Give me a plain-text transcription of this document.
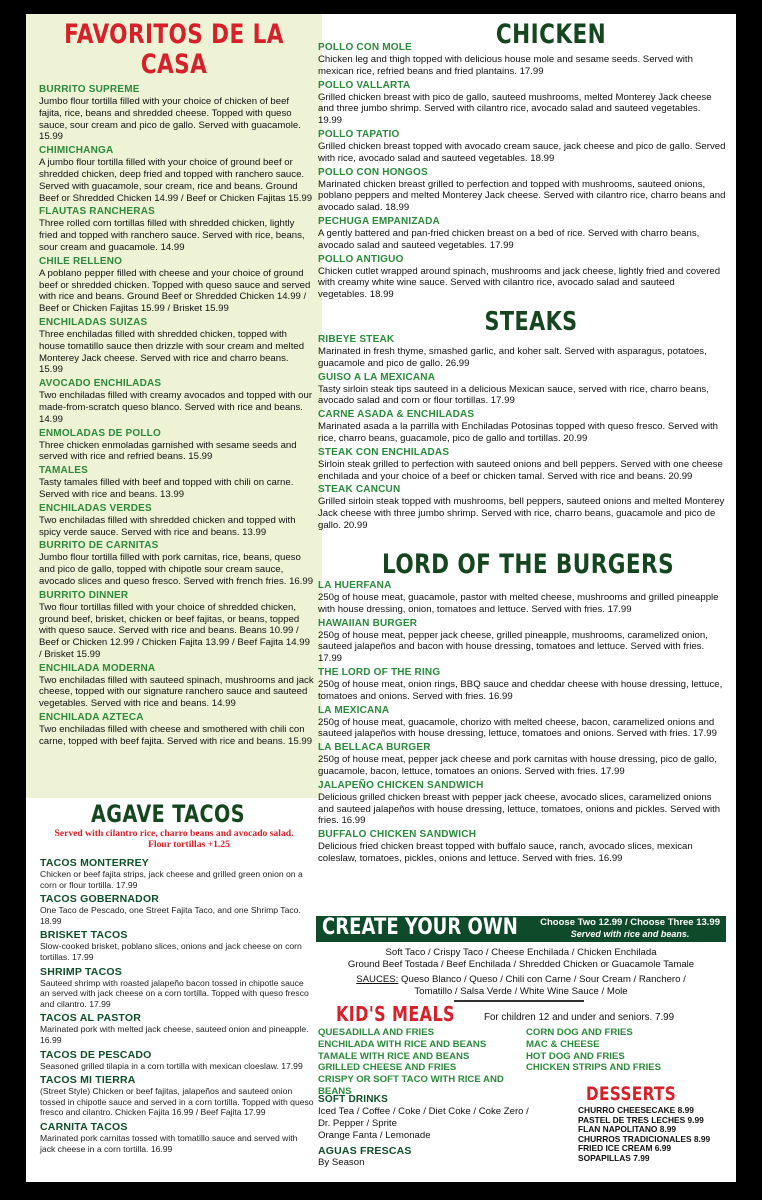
FAVORITOS DE LA CASA
BURRITO SUPREME
Jumbo flour tortilla filled with your choice of chicken of beef fajita, rice, beans and shredded cheese. Topped with queso sauce, sour cream and pico de gallo. Served with guacamole. 15.99
CHIMICHANGA
A jumbo flour tortilla filled with your choice of ground beef or shredded chicken, deep fried and topped with ranchero sauce. Served with guacamole, sour cream, rice and beans. Ground Beef or Shredded Chicken 14.99 / Beef or Chicken Fajitas 15.99
FLAUTAS RANCHERAS
Three rolled corn tortillas filled with shredded chicken, lightly fried and topped with ranchero sauce. Served with rice, beans, sour cream and guacamole. 14.99
CHILE RELLENO
A poblano pepper filled with cheese and your choice of ground beef or shredded chicken. Topped with queso sauce and served with rice and beans. Ground Beef or Shredded Chicken 14.99 / Beef or Chicken Fajitas 15.99 / Brisket 15.99
ENCHILADAS SUIZAS
Three enchiladas filled with shredded chicken, topped with house tomatillo sauce then drizzle with sour cream and melted Monterey Jack cheese. Served with rice and charro beans. 15.99
AVOCADO ENCHILADAS
Two enchiladas filled with creamy avocados and topped with our made-from-scratch queso blanco. Served with rice and beans. 14.99
ENMOLADAS DE POLLO
Three chicken enmoladas garnished with sesame seeds and served with rice and refried beans. 15.99
TAMALES
Tasty tamales filled with beef and topped with chili on carne. Served with rice and beans. 13.99
ENCHILADAS VERDES
Two enchiladas filled with shredded chicken and topped with spicy verde sauce. Served with rice and beans. 13.99
BURRITO DE CARNITAS
Jumbo flour tortilla filled with pork carnitas, rice, beans, queso and pico de gallo, topped with chipotle sour cream sauce, avocado slices and queso fresco. Served with french fries. 16.99
BURRITO DINNER
Two flour tortillas filled with your choice of shredded chicken, ground beef, brisket, chicken or beef fajitas, or beans, topped with queso sauce. Served with rice and beans. Beans 10.99 / Beef or Chicken 12.99 / Chicken Fajita 13.99 / Beef Fajita 14.99 / Brisket 15.99
ENCHILADA MODERNA
Two enchiladas filled with sauteed spinach, mushrooms and jack cheese, topped with our signature ranchero sauce and sauteed vegetables. Served with rice and beans. 14.99
ENCHILADA AZTECA
Two enchiladas filled with cheese and smothered with chili con carne, topped with beef fajita. Served with rice and beans. 15.99
AGAVE TACOS
Served with cilantro rice, charro beans and avocado salad.
Flour tortillas +1.25
TACOS MONTERREY
Chicken or beef fajita strips, jack cheese and grilled green onion on a corn or flour tortilla. 17.99
TACOS GOBERNADOR
One Taco de Pescado, one Street Fajita Taco, and one Shrimp Taco. 18.99
BRISKET TACOS
Slow-cooked brisket, poblano slices, onions and jack cheese on corn tortillas. 17.99
SHRIMP TACOS
Sauteed shrimp with roasted jalapeño bacon tossed in chipotle sauce an served with jack cheese on a corn tortilla. Topped with queso fresco and cilantro. 17.99
TACOS AL PASTOR
Marinated pork with melted jack cheese, sauteed onion and pineapple. 16.99
TACOS DE PESCADO
Seasoned grilled tilapia in a corn tortilla with mexican cloeslaw. 17.99
TACOS MI TIERRA
(Street Style) Chicken or beef fajitas, jalapeños and sauteed onion tossed in chipotle sauce and served in a corn tortilla. Topped with queso fresco and cilantro. Chicken Fajita 16.99 / Beef Fajita 17.99
CARNITA TACOS
Marinated pork carnitas tossed with tomatillo sauce and served with jack cheese in a corn tortilla. 16.99
CHICKEN
POLLO CON MOLE
Chicken leg and thigh topped with delicious house mole and sesame seeds. Served with mexican rice, refried beans and fried plantains. 17.99
POLLO VALLARTA
Grilled chicken breast with pico de gallo, sauteed mushrooms, melted Monterey Jack cheese and three jumbo shrimp. Served with cilantro rice, avocado salad and sauteed vegetables. 19.99
POLLO TAPATIO
Grilled chicken breast topped with avocado cream sauce, jack cheese and pico de gallo. Served with rice, avocado salad and sauteed vegetables. 18.99
POLLO CON HONGOS
Marinated chicken breast grilled to perfection and topped with mushrooms, sauteed onions, poblano peppers and melted Monterey Jack cheese. Served with cilantro rice, charro beans and avocado salad. 18.99
PECHUGA EMPANIZADA
A gently battered and pan-fried chicken breast on a bed of rice. Served with charro beans, avocado salad and sauteed vegetables. 17.99
POLLO ANTIGUO
Chicken cutlet wrapped around spinach, mushrooms and jack cheese, lightly fried and covered with creamy white wine sauce. Served with cilantro rice, avocado salad and sauteed vegetables. 18.99
STEAKS
RIBEYE STEAK
Marinated in fresh thyme, smashed garlic, and koher salt. Served with asparagus, potatoes, guacamole and pico de gallo. 26.99
GUISO A LA MEXICANA
Tasty sirloin steak tips sauteed in a delicious Mexican sauce, served with rice, charro beans, avocado salad and corn or flour tortillas. 17.99
CARNE ASADA & ENCHILADAS
Marinated asada a la parrilla with Enchiladas Potosinas topped with queso fresco. Served with rice, charro beans, guacamole, pico de gallo and tortillas. 20.99
STEAK CON ENCHILADAS
Sirloin steak grilled to perfection with sauteed onions and bell peppers. Served with one cheese enchilada and your choice of a beef or chicken tamal. Served with rice and beans. 20.99
STEAK CANCUN
Grilled sirloin steak topped with mushrooms, bell peppers, sauteed onions and melted Monterey Jack cheese with three jumbo shrimp. Served with rice, charro beans, guacamole and pico de gallo. 20.99
LORD OF THE BURGERS
LA HUERFANA
250g of house meat, guacamole, pastor with melted cheese, mushrooms and grilled pineapple with house dressing, onion, tomatoes and lettuce. Served with fries. 17.99
HAWAIIAN BURGER
250g of house meat, pepper jack cheese, grilled pineapple, mushrooms, caramelized onion, sauteed jalapeños and bacon with house dressing, tomatoes and lettuce. Served with fries. 17.99
THE LORD OF THE RING
250g of house meat, onion rings, BBQ sauce and cheddar cheese with house dressing, lettuce, tomatoes and onions. Served with fries. 16.99
LA MEXICANA
250g of house meat, guacamole, chorizo with melted cheese, bacon, caramelized onions and sauteed jalapeños with house dressing, lettuce, tomatoes and onions. Served with fries. 17.99
LA BELLACA BURGER
250g of house meat, pepper jack cheese and pork carnitas with house dressing, pico de gallo, guacamole, bacon, lettuce, tomatoes an onions. Served with fries. 17.99
JALAPEÑO CHICKEN SANDWICH
Delicious grilled chicken breast with pepper jack cheese, avocado slices, caramelized onions and sauteed jalapeños with house dressing, lettuce, tomatoes, onions and pickles. Served with fries. 16.99
BUFFALO CHICKEN SANDWICH
Delicious fried chicken breast topped with buffalo sauce, ranch, avocado slices, mexican coleslaw, tomatoes, pickles, onions and lettuce. Served with fries. 16.99
CREATE YOUR OWN Choose Two 12.99 / Choose Three 13.99
Served with rice and beans.
Soft Taco / Crispy Taco / Cheese Enchilada / Chicken Enchilada
Ground Beef Tostada / Beef Enchilada / Shredded Chicken or Guacamole Tamale
SAUCES: Queso Blanco / Queso / Chili con Carne / Sour Cream / Ranchero /
Tomatillo / Salsa Verde / White Wine Sauce / Mole
KID'S MEALS	For children 12 and under and seniors. 7.99
QUESADILLA AND FRIES
ENCHILADA WITH RICE AND BEANS
TAMALE WITH RICE AND BEANS
GRILLED CHEESE AND FRIES
CRISPY OR SOFT TACO WITH RICE AND BEANS
CORN DOG AND FRIES
MAC & CHEESE
HOT DOG AND FRIES
CHICKEN STRIPS AND FRIES
SOFT DRINKS
Iced Tea / Coffee / Coke / Diet Coke / Coke Zero /
Dr. Pepper / Sprite
Orange Fanta / Lemonade
AGUAS FRESCAS
By Season
DESSERTS
CHURRO CHEESECAKE 8.99
PASTEL DE TRES LECHES 9.99
FLAN NAPOLITANO 8.99
CHURROS TRADICIONALES 8.99
FRIED ICE CREAM 6.99
SOPAPILLAS 7.99
